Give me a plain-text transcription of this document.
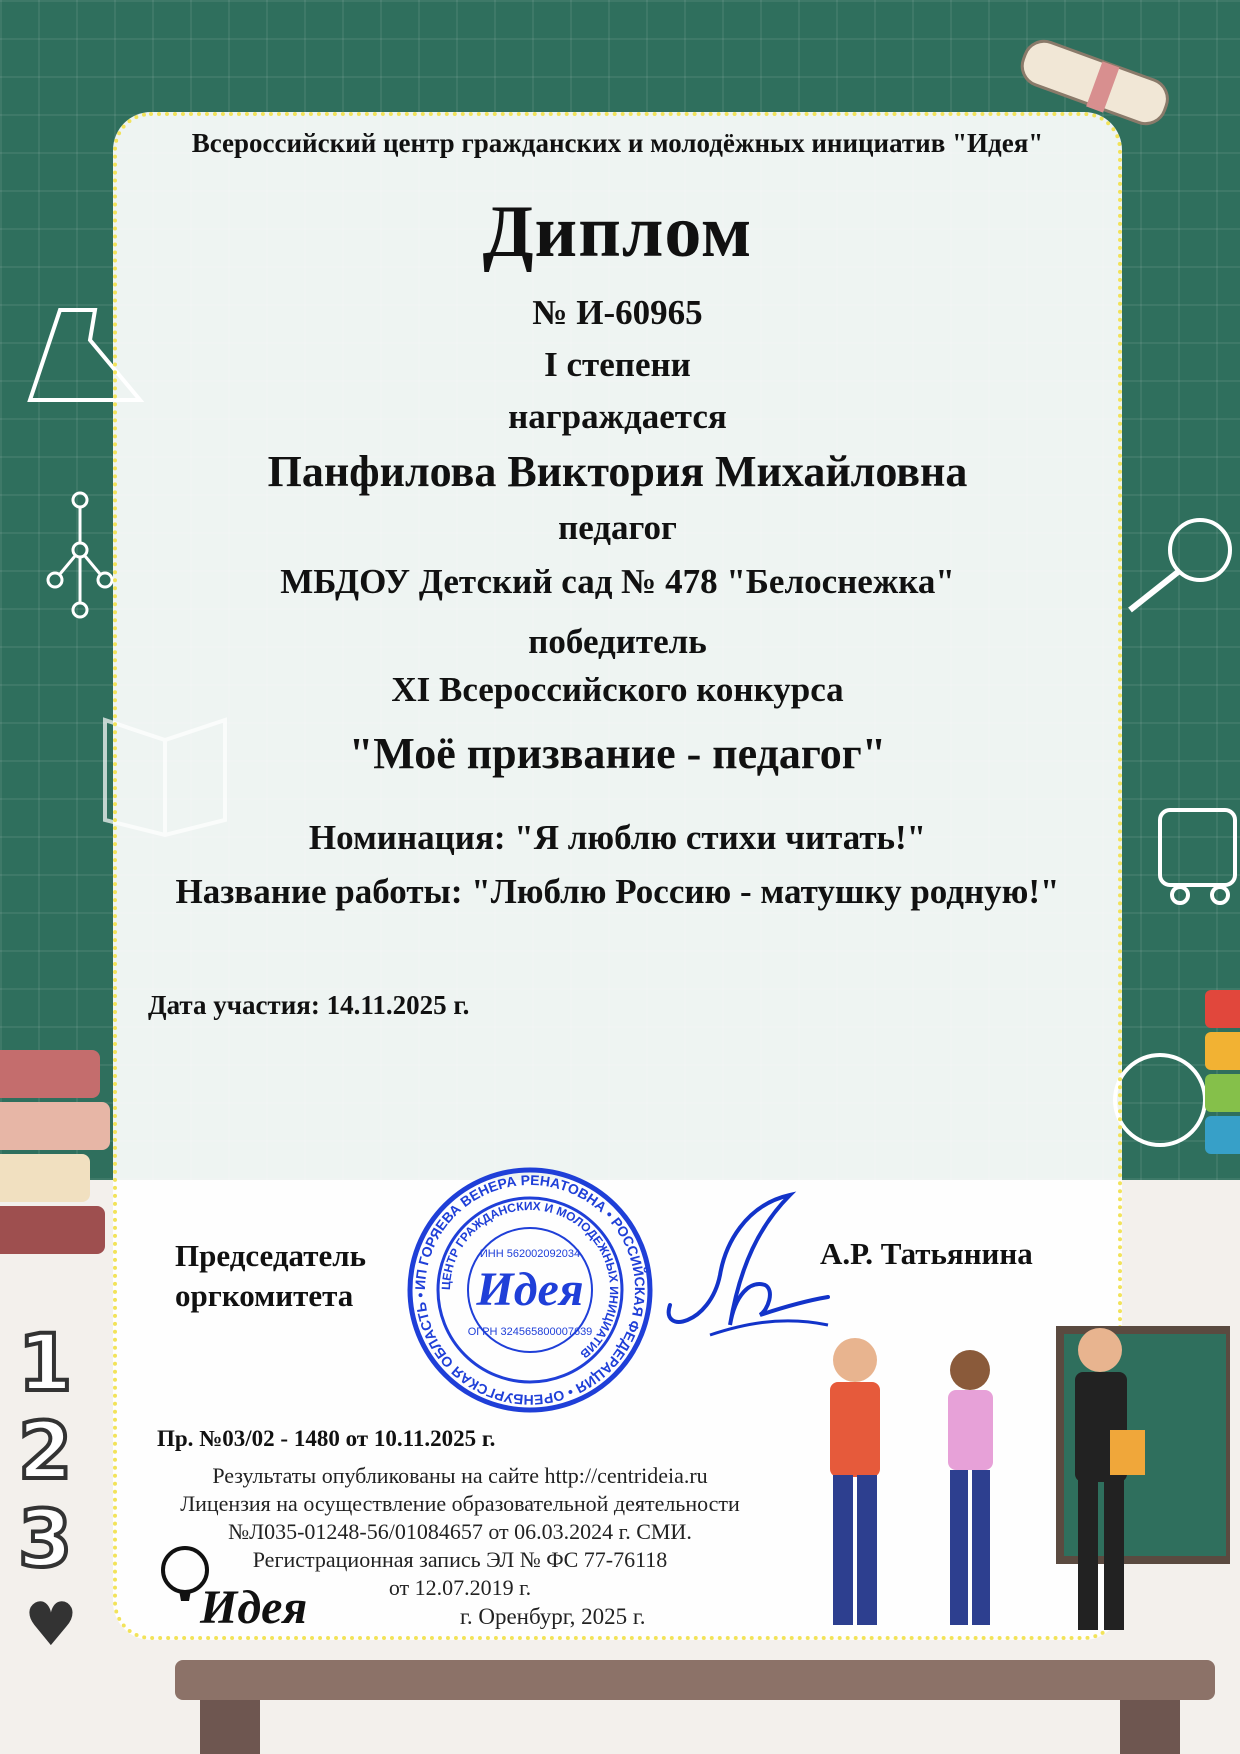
1
2
3
♥
Всероссийский центр гражданских и молодёжных инициатив "Идея"
Диплом
№ И-60965
I степени
награждается
Панфилова Виктория Михайловна
педагог
МБДОУ Детский сад № 478 "Белоснежка"
победитель
XI Всероссийского конкурса
"Моё призвание - педагог"
Номинация: "Я люблю стихи читать!"
Название работы: "Люблю Россию - матушку родную!"
Дата участия: 14.11.2025 г.
Председатель
оргкомитета
А.Р. Татьянина
ИП ГОРЯЕВА ВЕНЕРА РЕНАТОВНА • РОССИЙСКАЯ ФЕДЕРАЦИЯ • ОРЕНБУРГСКАЯ ОБЛАСТЬ •
ЦЕНТР ГРАЖДАНСКИХ И МОЛОДЕЖНЫХ ИНИЦИАТИВ
ИНН 562002092034
Идея
ОГРН 324565800007639
Пр. №03/02 - 1480 от 10.11.2025 г.
Результаты опубликованы на сайте http://centrideia.ru
Лицензия на осуществление образовательной деятельности
№Л035-01248-56/01084657 от 06.03.2024 г. СМИ.
Регистрационная запись ЭЛ № ФС 77-76118
от 12.07.2019 г.
г. Оренбург, 2025 г.
Идея
